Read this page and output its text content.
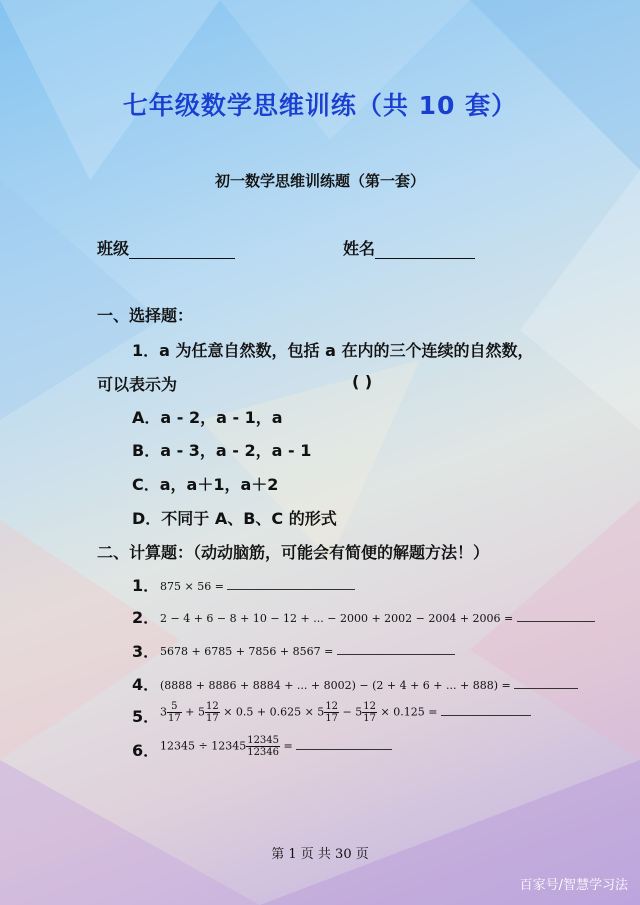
七年级数学思维训练（共 10 套）
初一数学思维训练题（第一套）
班级	姓名
一、选择题：
1．a 为任意自然数，包括 a 在内的三个连续的自然数，
可以表示为	( )
A．a - 2，a - 1，a
B．a - 3，a - 2，a - 1
C．a，a＋1，a＋2
D．不同于 A、B、C 的形式
二、计算题：（动动脑筋，可能会有简便的解题方法！）
1． 875 × 56 =
2． 2 − 4 + 6 − 8 + 10 − 12 + ... − 2000 + 2002 − 2004 + 2006 =
3． 5678 + 6785 + 7856 + 8567 =
4． (8888 + 8886 + 8884 + ... + 8002) − (2 + 4 + 6 + ... + 888) =
5． $3 \frac{5}{17} + 5 \frac{12}{17} \times 0.5 + 0.625 \times 5 \frac{12}{17} - 5 \frac{12}{17} \times 0.125$ =
6． $12345 \div 12345 \frac{12345}{12346}$ =
第 1 页 共 30 页
百家号/智慧学习法
